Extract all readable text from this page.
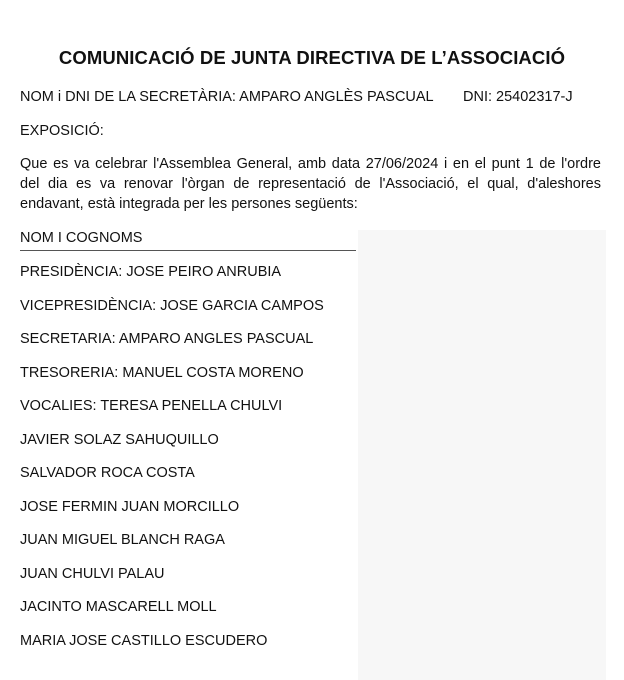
COMUNICACIÓ DE JUNTA DIRECTIVA DE L’ASSOCIACIÓ
NOM i DNI DE LA SECRETÀRIA: AMPARO ANGLÈS PASCUAL DNI: 25402317-J
EXPOSICIÓ:
Que es va celebrar l'Assemblea General, amb data 27/06/2024 i en el punt 1 de l'ordre
del dia es va renovar l'òrgan de representació de l'Associació, el qual, d'aleshores
endavant, està integrada per les persones següents:
NOM I COGNOMS
PRESIDÈNCIA: JOSE PEIRO ANRUBIA
VICEPRESIDÈNCIA: JOSE GARCIA CAMPOS
SECRETARIA: AMPARO ANGLES PASCUAL
TRESORERIA: MANUEL COSTA MORENO
VOCALIES: TERESA PENELLA CHULVI
JAVIER SOLAZ SAHUQUILLO
SALVADOR ROCA COSTA
JOSE FERMIN JUAN MORCILLO
JUAN MIGUEL BLANCH RAGA
JUAN CHULVI PALAU
JACINTO MASCARELL MOLL
MARIA JOSE CASTILLO ESCUDERO
